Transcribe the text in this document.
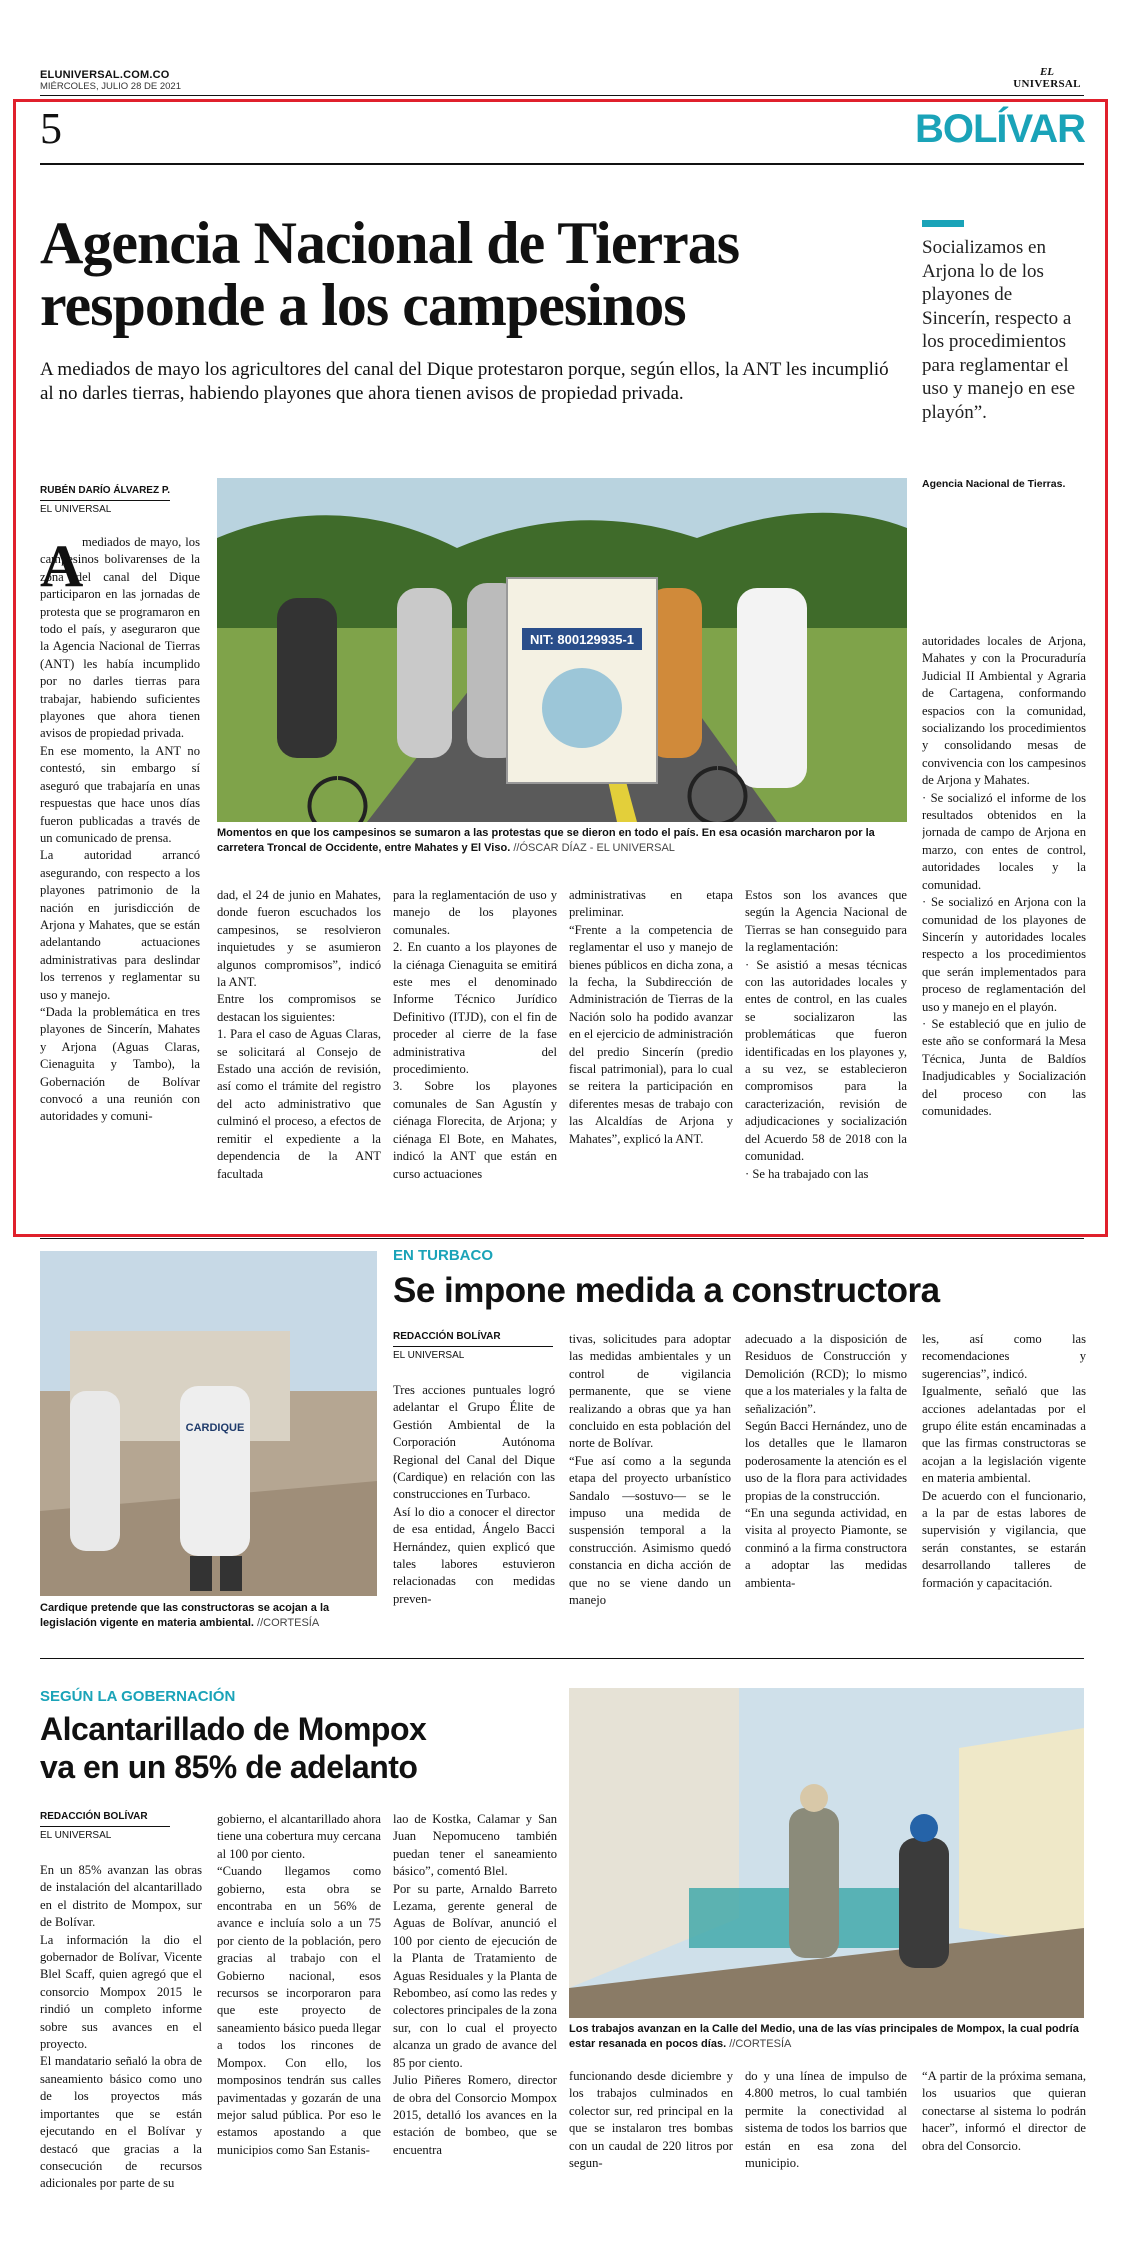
ELUNIVERSAL.COM.CO
MIÉRCOLES, JULIO 28 DE 2021
EL
UNIVERSAL
5	BOLÍVAR
Agencia Nacional de Tierras
responde a los campesinos
A mediados de mayo los agricultores del canal del Dique protestaron porque, según ellos, la ANT les incumplió al no darles tierras, habiendo playones que ahora tienen avisos de propiedad privada.
Socializamos en Arjona lo de los playones de Sincerín, respecto a los procedimientos para reglamentar el uso y manejo en ese playón”.
Agencia Nacional de Tierras.
RUBÉN DARÍO ÁLVAREZ P.
EL UNIVERSAL
NIT: 800129935-1
Momentos en que los campesinos se sumaron a las protestas que se dieron en todo el país. En esa ocasión marcharon por la carretera Troncal de Occidente, entre Mahates y El Viso. //ÓSCAR DÍAZ - EL UNIVERSAL
A
mediados de mayo, los campesinos bolivarenses de la zona del canal del Dique participaron en las jornadas de protesta que se programaron en todo el país, y aseguraron que la Agencia Nacional de Tierras (ANT) les había incumplido por no darles tierras para trabajar, habiendo suficientes playones que ahora tienen avisos de propiedad privada.
En ese momento, la ANT no contestó, sin embargo sí aseguró que trabajaría en unas respuestas que hace unos días fueron publicadas a través de un comunicado de prensa.
La autoridad arrancó asegurando, con respecto a los playones patrimonio de la nación en jurisdicción de Arjona y Mahates, que se están adelantando actuaciones administrativas para deslindar los terrenos y reglamentar su uso y manejo.
“Dada la problemática en tres playones de Sincerín, Mahates y Arjona (Aguas Claras, Cienaguita y Tambo), la Gobernación de Bolívar convocó a una reunión con autoridades y comuni-
dad, el 24 de junio en Mahates, donde fueron escuchados los campesinos, se resolvieron inquietudes y se asumieron algunos compromisos”, indicó la ANT.
Entre los compromisos se destacan los siguientes:
1. Para el caso de Aguas Claras, se solicitará al Consejo de Estado una acción de revisión, así como el trámite del registro del acto administrativo que culminó el proceso, a efectos de remitir el expediente a la dependencia de la ANT facultada
para la reglamentación de uso y manejo de los playones comunales.
2. En cuanto a los playones de la ciénaga Cienaguita se emitirá este mes el denominado Informe Técnico Jurídico Definitivo (ITJD), con el fin de proceder al cierre de la fase administrativa del procedimiento.
3. Sobre los playones comunales de San Agustín y ciénaga Florecita, de Arjona; y ciénaga El Bote, en Mahates, indicó la ANT que están en curso actuaciones
administrativas en etapa preliminar.
“Frente a la competencia de reglamentar el uso y manejo de bienes públicos en dicha zona, a la fecha, la Subdirección de Administración de Tierras de la Nación solo ha podido avanzar en el ejercicio de administración del predio Sincerín (predio fiscal patrimonial), para lo cual se reitera la participación en diferentes mesas de trabajo con las Alcaldías de Arjona y Mahates”, explicó la ANT.
Estos son los avances que según la Agencia Nacional de Tierras se han conseguido para la reglamentación:
· Se asistió a mesas técnicas con las autoridades locales y entes de control, en las cuales se socializaron las problemáticas que fueron identificadas en los playones y, a su vez, se establecieron compromisos para la caracterización, revisión de adjudicaciones y socialización del Acuerdo 58 de 2018 con la comunidad.
· Se ha trabajado con las
autoridades locales de Arjona, Mahates y con la Procuraduría Judicial II Ambiental y Agraria de Cartagena, conformando espacios con la comunidad, socializando los procedimientos y consolidando mesas de convivencia con los campesinos de Arjona y Mahates.
· Se socializó el informe de los resultados obtenidos en la jornada de campo de Arjona en marzo, con entes de control, autoridades locales y la comunidad.
· Se socializó en Arjona con la comunidad de los playones de Sincerín y autoridades locales respecto a los procedimientos que serán implementados para proceso de reglamentación del uso y manejo en el playón.
· Se estableció que en julio de este año se conformará la Mesa Técnica, Junta de Baldíos Inadjudicables y Socialización del proceso con las comunidades.
CARDIQUE
Cardique pretende que las constructoras se acojan a la legislación vigente en materia ambiental. //CORTESÍA
EN TURBACO
Se impone medida a constructora
REDACCIÓN BOLÍVAR
EL UNIVERSAL
Tres acciones puntuales logró adelantar el Grupo Élite de Gestión Ambiental de la Corporación Autónoma Regional del Canal del Dique (Cardique) en relación con las construcciones en Turbaco.
Así lo dio a conocer el director de esa entidad, Ángelo Bacci Hernández, quien explicó que tales labores estuvieron relacionadas con medidas preven-
tivas, solicitudes para adoptar las medidas ambientales y un control de vigilancia permanente, que se viene realizando a obras que ya han concluido en esta población del norte de Bolívar.
“Fue así como a la segunda etapa del proyecto urbanístico Sandalo —sostuvo— se le impuso una medida de suspensión temporal a la construcción. Asimismo quedó constancia en dicha acción de que no se viene dando un manejo
adecuado a la disposición de Residuos de Construcción y Demolición (RCD); lo mismo que a los materiales y la falta de señalización”.
Según Bacci Hernández, uno de los detalles que le llamaron poderosamente la atención es el uso de la flora para actividades propias de la construcción.
“En una segunda actividad, en visita al proyecto Piamonte, se conminó a la firma constructora a adoptar las medidas ambienta-
les, así como las recomendaciones y sugerencias”, indicó.
Igualmente, señaló que las acciones adelantadas por el grupo élite están encaminadas a que las firmas constructoras se acojan a la legislación vigente en materia ambiental.
De acuerdo con el funcionario, a la par de estas labores de supervisión y vigilancia, que serán constantes, se estarán desarrollando talleres de formación y capacitación.
SEGÚN LA GOBERNACIÓN
Alcantarillado de Mompox
va en un 85% de adelanto
REDACCIÓN BOLÍVAR
EL UNIVERSAL
Los trabajos avanzan en la Calle del Medio, una de las vías principales de Mompox, la cual podría estar resanada en pocos días. //CORTESÍA
En un 85% avanzan las obras de instalación del alcantarillado en el distrito de Mompox, sur de Bolívar.
La información la dio el gobernador de Bolívar, Vicente Blel Scaff, quien agregó que el consorcio Mompox 2015 le rindió un completo informe sobre sus avances en el proyecto.
El mandatario señaló la obra de saneamiento básico como uno de los proyectos más importantes que se están ejecutando en el Bolívar y destacó que gracias a la consecución de recursos adicionales por parte de su
gobierno, el alcantarillado ahora tiene una cobertura muy cercana al 100 por ciento.
“Cuando llegamos como gobierno, esta obra se encontraba en un 56% de avance e incluía solo a un 75 por ciento de la población, pero gracias al trabajo con el Gobierno nacional, esos recursos se incorporaron para que este proyecto de saneamiento básico pueda llegar a todos los rincones de Mompox. Con ello, los momposinos tendrán sus calles pavimentadas y gozarán de una mejor salud pública. Por eso le estamos apostando a que municipios como San Estanis-
lao de Kostka, Calamar y San Juan Nepomuceno también puedan tener el saneamiento básico”, comentó Blel.
Por su parte, Arnaldo Barreto Lezama, gerente general de Aguas de Bolívar, anunció el 100 por ciento de ejecución de la Planta de Tratamiento de Aguas Residuales y la Planta de Rebombeo, así como las redes y colectores principales de la zona sur, con lo cual el proyecto alcanza un grado de avance del 85 por ciento.
Julio Piñeres Romero, director de obra del Consorcio Mompox 2015, detalló los avances en la estación de bombeo, que se encuentra
funcionando desde diciembre y los trabajos culminados en colector sur, red principal en la que se instalaron tres bombas con un caudal de 220 litros por segun-
do y una línea de impulso de 4.800 metros, lo cual también permite la conectividad al sistema de todos los barrios que están en esa zona del municipio.
“A partir de la próxima semana, los usuarios que quieran conectarse al sistema lo podrán hacer”, informó el director de obra del Consorcio.
